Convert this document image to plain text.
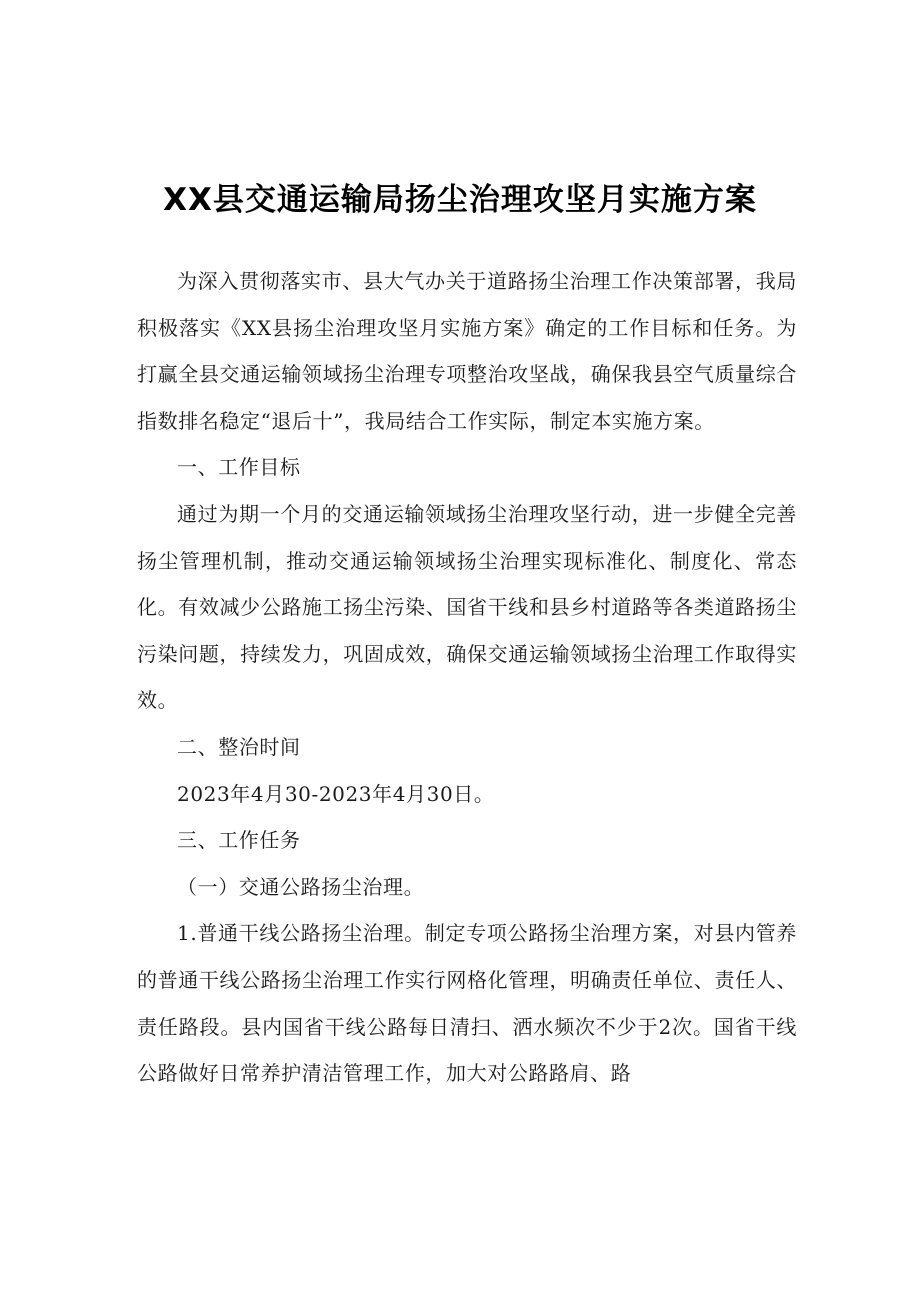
XX县交通运输局扬尘治理攻坚月实施方案

为深入贯彻落实市、县大气办关于道路扬尘治理工作决策部署，我局积极落实《XX县扬尘治理攻坚月实施方案》确定的工作目标和任务。为打赢全县交通运输领域扬尘治理专项整治攻坚战，确保我县空气质量综合指数排名稳定“退后十”，我局结合工作实际，制定本实施方案。

一、工作目标

通过为期一个月的交通运输领域扬尘治理攻坚行动，进一步健全完善扬尘管理机制，推动交通运输领域扬尘治理实现标准化、制度化、常态化。有效减少公路施工扬尘污染、国省干线和县乡村道路等各类道路扬尘污染问题，持续发力，巩固成效，确保交通运输领域扬尘治理工作取得实效。

二、整治时间

2023年4月30-2023年4月30日。

三、工作任务

（一）交通公路扬尘治理。

1.普通干线公路扬尘治理。制定专项公路扬尘治理方案，对县内管养的普通干线公路扬尘治理工作实行网格化管理，明确责任单位、责任人、责任路段。县内国省干线公路每日清扫、洒水频次不少于2次。国省干线公路做好日常养护清洁管理工作，加大对公路路肩、路
